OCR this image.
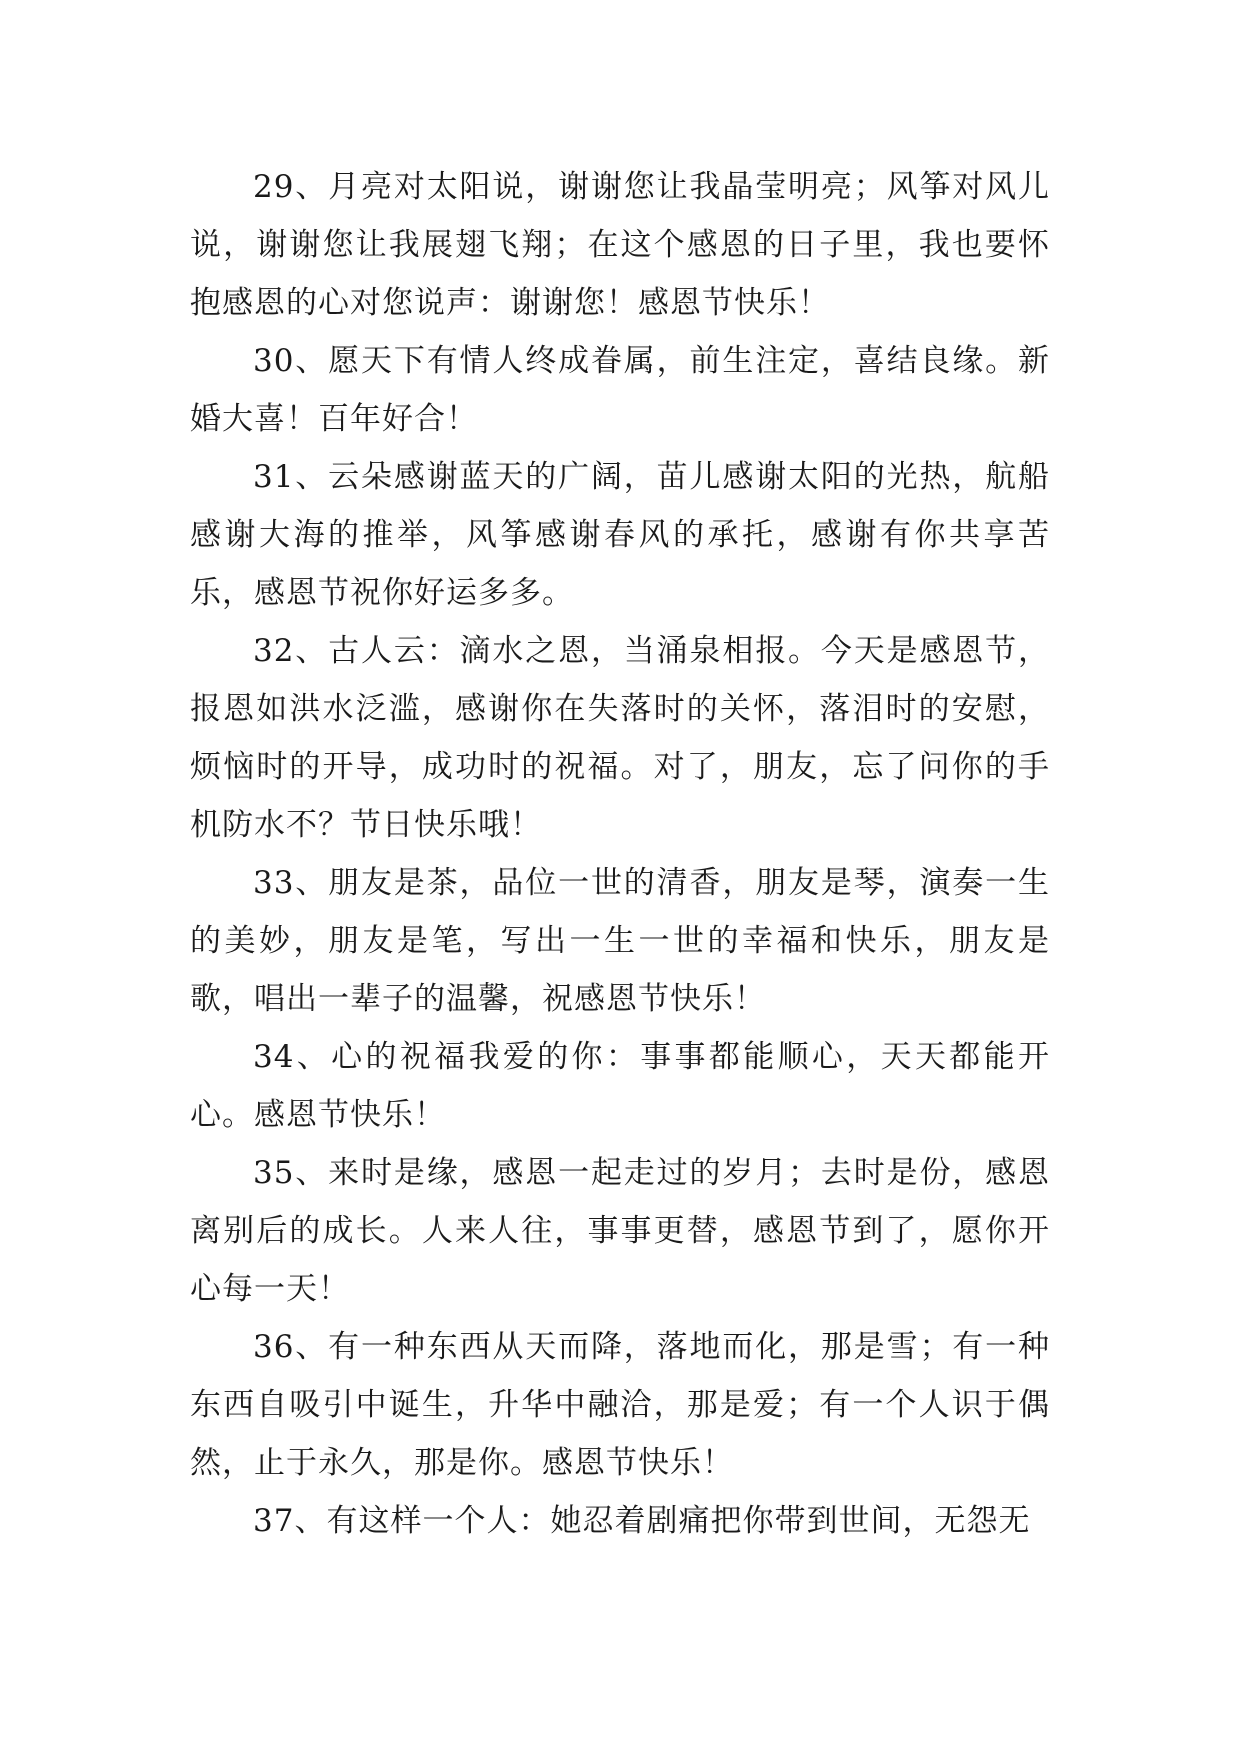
29、月亮对太阳说，谢谢您让我晶莹明亮；风筝对风儿说，谢谢您让我展翅飞翔；在这个感恩的日子里，我也要怀抱感恩的心对您说声：谢谢您！感恩节快乐！

30、愿天下有情人终成眷属，前生注定，喜结良缘。新婚大喜！百年好合！

31、云朵感谢蓝天的广阔，苗儿感谢太阳的光热，航船感谢大海的推举，风筝感谢春风的承托，感谢有你共享苦乐，感恩节祝你好运多多。

32、古人云：滴水之恩，当涌泉相报。今天是感恩节，报恩如洪水泛滥，感谢你在失落时的关怀，落泪时的安慰，烦恼时的开导，成功时的祝福。对了，朋友，忘了问你的手机防水不？节日快乐哦！

33、朋友是茶，品位一世的清香，朋友是琴，演奏一生的美妙，朋友是笔，写出一生一世的幸福和快乐，朋友是歌，唱出一辈子的温馨，祝感恩节快乐！

34、心的祝福我爱的你：事事都能顺心，天天都能开心。感恩节快乐！

35、来时是缘，感恩一起走过的岁月；去时是份，感恩离别后的成长。人来人往，事事更替，感恩节到了，愿你开心每一天！

36、有一种东西从天而降，落地而化，那是雪；有一种东西自吸引中诞生，升华中融洽，那是爱；有一个人识于偶然，止于永久，那是你。感恩节快乐！

37、有这样一个人：她忍着剧痛把你带到世间，无怨无
